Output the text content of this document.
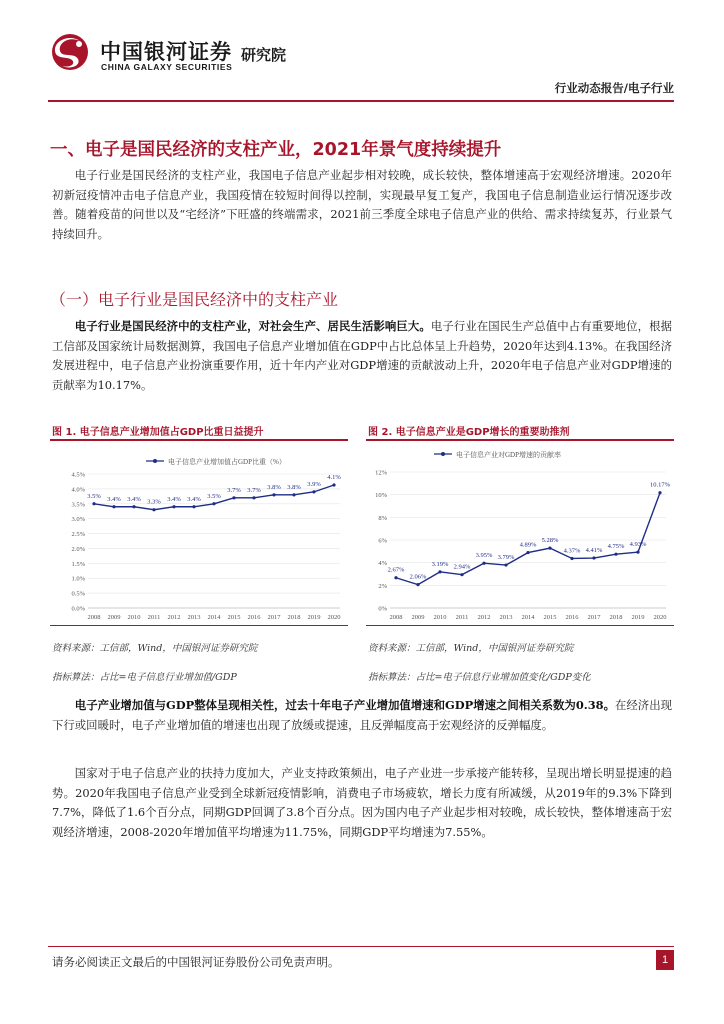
中国银河证券
CHINA GALAXY SECURITIES
研究院
行业动态报告/电子行业
一、电子是国民经济的支柱产业，2021年景气度持续提升
电子行业是国民经济的支柱产业，我国电子信息产业起步相对较晚，成长较快，整体增速高于宏观经济增速。2020年初新冠疫情冲击电子信息产业，我国疫情在较短时间得以控制，实现最早复工复产，我国电子信息制造业运行情况逐步改善。随着疫苗的问世以及“宅经济”下旺盛的终端需求，2021前三季度全球电子信息产业的供给、需求持续复苏，行业景气持续回升。
（一）电子行业是国民经济中的支柱产业
电子行业是国民经济中的支柱产业，对社会生产、居民生活影响巨大。电子行业在国民生产总值中占有重要地位，根据工信部及国家统计局数据测算，我国电子信息产业增加值在GDP中占比总体呈上升趋势，2020年达到4.13%。在我国经济发展进程中，电子信息产业扮演重要作用，近十年内产业对GDP增速的贡献波动上升，2020年电子信息产业对GDP增速的贡献率为10.17%。
图 1. 电子信息产业增加值占GDP比重日益提升	图 2. 电子信息产业是GDP增长的重要助推剂
电子信息产业增加值占GDP比重（%）
0.0%
0.5%
1.0%
1.5%
2.0%
2.5%
3.0%
3.5%
4.0%
4.5%
2008 2009 2010 2011 2012 2013 2014 2015 2016 2017 2018 2019 2020
3.5% 3.4% 3.4% 3.3% 3.4% 3.4% 3.5%
3.7% 3.7% 3.8% 3.8% 3.9%
4.1%
电子信息产业对GDP增速的贡献率
0%
2%
4%
6%
8%
10%
12%
2008 2009 2010 2011 2012 2013 2014 2015 2016 2017 2018 2019 2020
2.67%
2.06%
3.19% 2.94%
3.95% 3.79%
4.89%
5.28%
4.37% 4.41%
4.75% 4.93%
10.17%
资料来源：工信部，Wind，中国银河证券研究院	资料来源：工信部，Wind，中国银河证券研究院
指标算法：占比=电子信息行业增加值/GDP	指标算法：占比=电子信息行业增加值变化/GDP变化
电子产业增加值与GDP整体呈现相关性，过去十年电子产业增加值增速和GDP增速之间相关系数为0.38。在经济出现下行或回暖时，电子产业增加值的增速也出现了放缓或提速，且反弹幅度高于宏观经济的反弹幅度。
国家对于电子信息产业的扶持力度加大，产业支持政策频出，电子产业进一步承接产能转移，呈现出增长明显提速的趋势。2020年我国电子信息产业受到全球新冠疫情影响，消费电子市场疲软，增长力度有所减缓，从2019年的9.3%下降到7.7%，降低了1.6个百分点，同期GDP回调了3.8个百分点。因为国内电子产业起步相对较晚，成长较快，整体增速高于宏观经济增速，2008-2020年增加值平均增速为11.75%，同期GDP平均增速为7.55%。
请务必阅读正文最后的中国银河证券股份公司免责声明。	1
